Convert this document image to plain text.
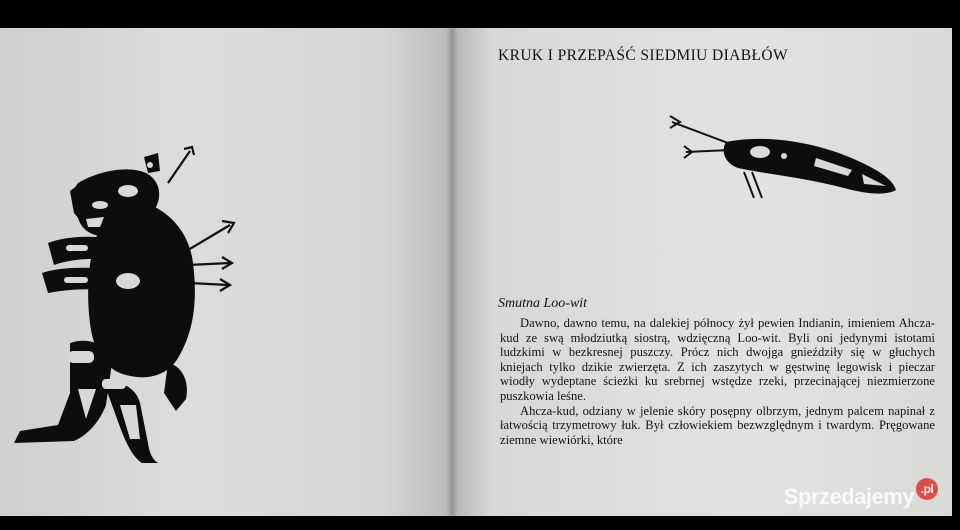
KRUK I PRZEPAŚĆ SIEDMIU DIABŁÓW
Smutna Loo-wit

Dawno, dawno temu, na dalekiej północy żył pewien Indianin, imieniem Ahcza-kud ze swą młodziutką siostrą, wdzięczną Loo-wit. Byli oni jedynymi istotami ludzkimi w bezkresnej puszczy. Prócz nich dwojga gnieździły się w głuchych kniejach tylko dzikie zwierzęta. Z ich zaszytych w gęstwinę legowisk i pieczar wiodły wydeptane ścieżki ku srebrnej wstędze rzeki, przecinającej niezmierzone puszkowia leśne.

Ahcza-kud, odziany w jelenie skóry posępny olbrzym, jednym palcem napinał z łatwością trzymetrowy łuk. Był człowiekiem bezwzględnym i twardym. Pręgowane ziemne wiewiórki, które

Sprzedajemy .pl
